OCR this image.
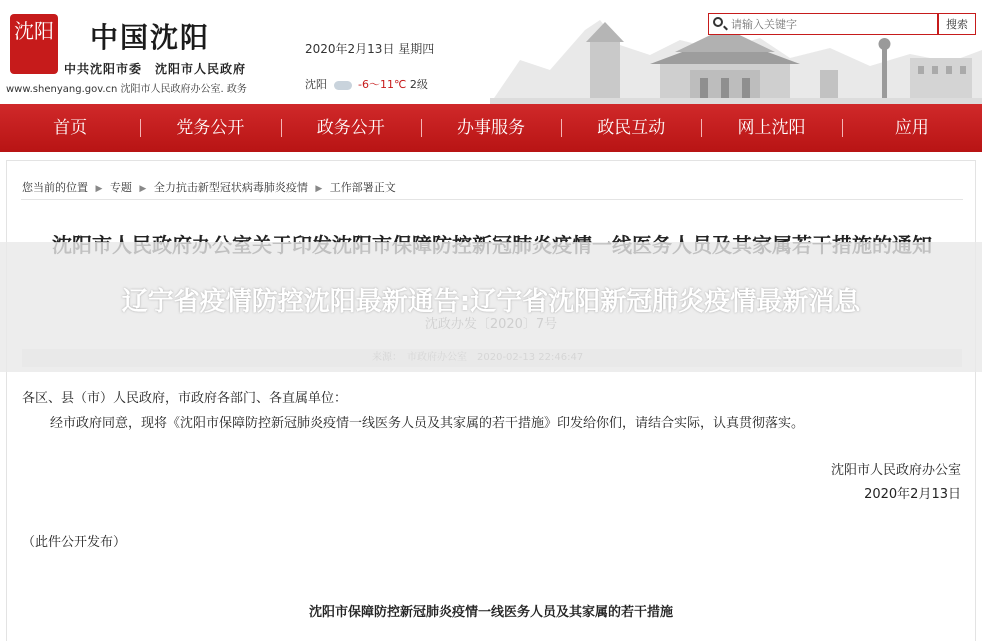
沈阳 中国沈阳
中共沈阳市委　沈阳市人民政府
www.shenyang.gov.cn 沈阳市人民政府办公室. 政务
2020年2月13日 星期四
沈阳	-6～11℃ 2级
请输入关键字
搜索
首页	党务公开	政务公开	办事服务	政民互动	网上沈阳	应用
您当前的位置 ▶ 专题 ▶ 全力抗击新型冠状病毒肺炎疫情 ▶ 工作部署正文
各区、县（市）人民政府，市政府各部门、各直属单位：
经市政府同意，现将《沈阳市保障防控新冠肺炎疫情一线医务人员及其家属的若干措施》印发给你们，请结合实际，认真贯彻落实。
沈阳市人民政府办公室
2020年2月13日
（此件公开发布）
沈阳市保障防控新冠肺炎疫情一线医务人员及其家属的若干措施
辽宁省疫情防控沈阳最新通告:辽宁省沈阳新冠肺炎疫情最新消息
